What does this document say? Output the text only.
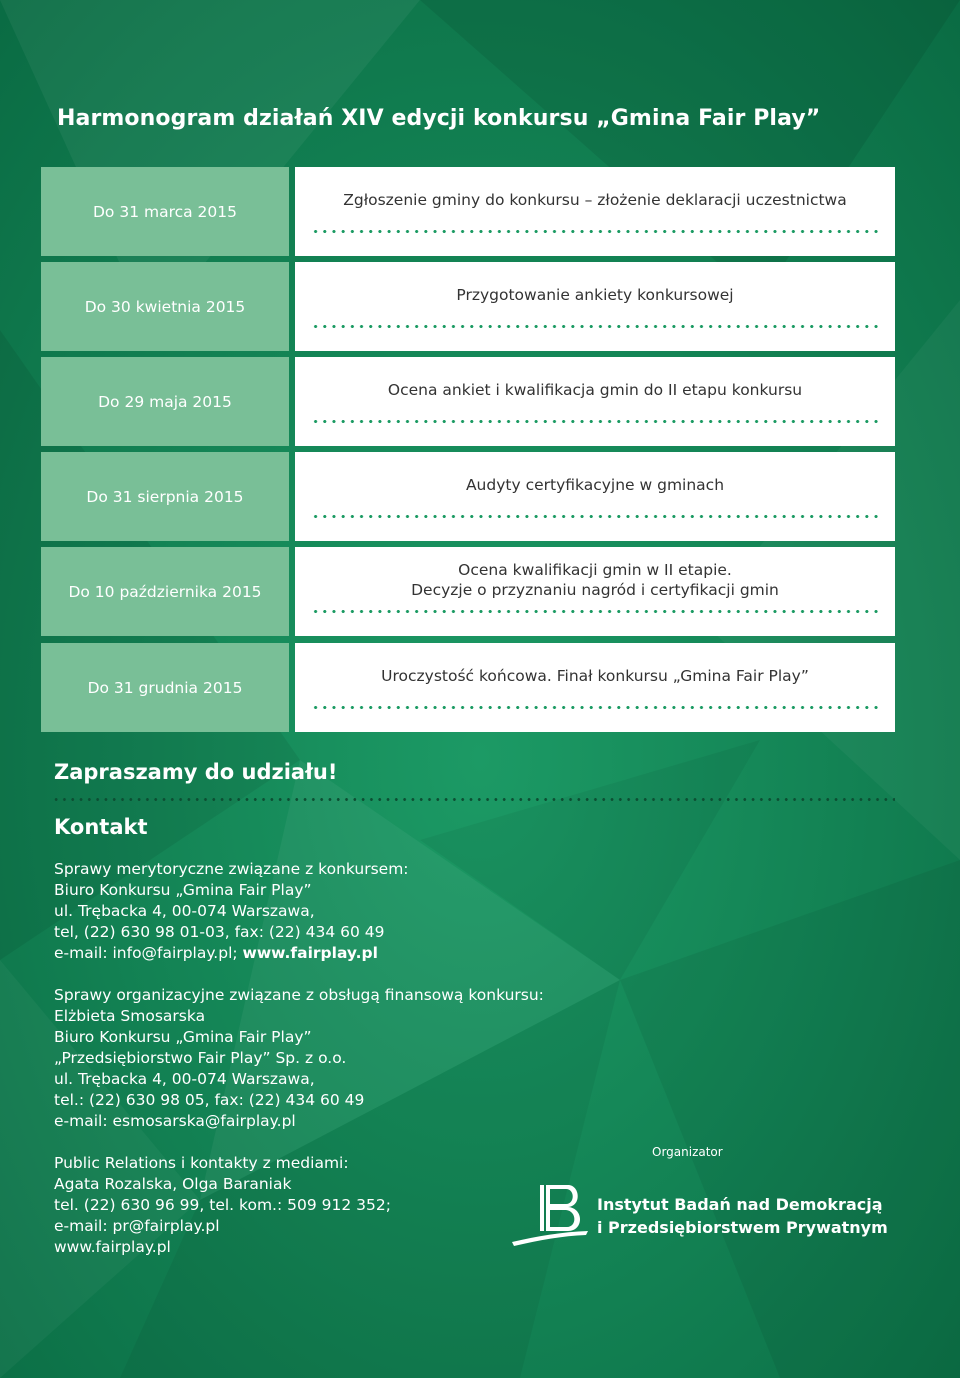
Harmonogram działań XIV edycji konkursu „Gmina Fair Play”
Do 31 marca 2015
Zgłoszenie gminy do konkursu – złożenie deklaracji uczestnictwa
Do 30 kwietnia 2015
Przygotowanie ankiety konkursowej
Do 29 maja 2015
Ocena ankiet i kwalifikacja gmin do II etapu konkursu
Do 31 sierpnia 2015
Audyty certyfikacyjne w gminach
Do 10 października 2015
Ocena kwalifikacji gmin w II etapie.
Decyzje o przyznaniu nagród i certyfikacji gmin
Do 31 grudnia 2015
Uroczystość końcowa. Finał konkursu „Gmina Fair Play”
Zapraszamy do udziału!
Kontakt
Sprawy merytoryczne związane z konkursem:
Biuro Konkursu „Gmina Fair Play”
ul. Trębacka 4, 00-074 Warszawa,
tel, (22) 630 98 01-03, fax: (22) 434 60 49
e-mail: info@fairplay.pl; www.fairplay.pl
Sprawy organizacyjne związane z obsługą finansową konkursu:
Elżbieta Smosarska
Biuro Konkursu „Gmina Fair Play”
„Przedsiębiorstwo Fair Play” Sp. z o.o.
ul. Trębacka 4, 00-074 Warszawa,
tel.: (22) 630 98 05, fax: (22) 434 60 49
e-mail: esmosarska@fairplay.pl
Public Relations i kontakty z mediami:
Agata Rozalska, Olga Baraniak
tel. (22) 630 96 99, tel. kom.: 509 912 352;
e-mail: pr@fairplay.pl
www.fairplay.pl
Organizator
Instytut Badań nad Demokracją
i Przedsiębiorstwem Prywatnym
